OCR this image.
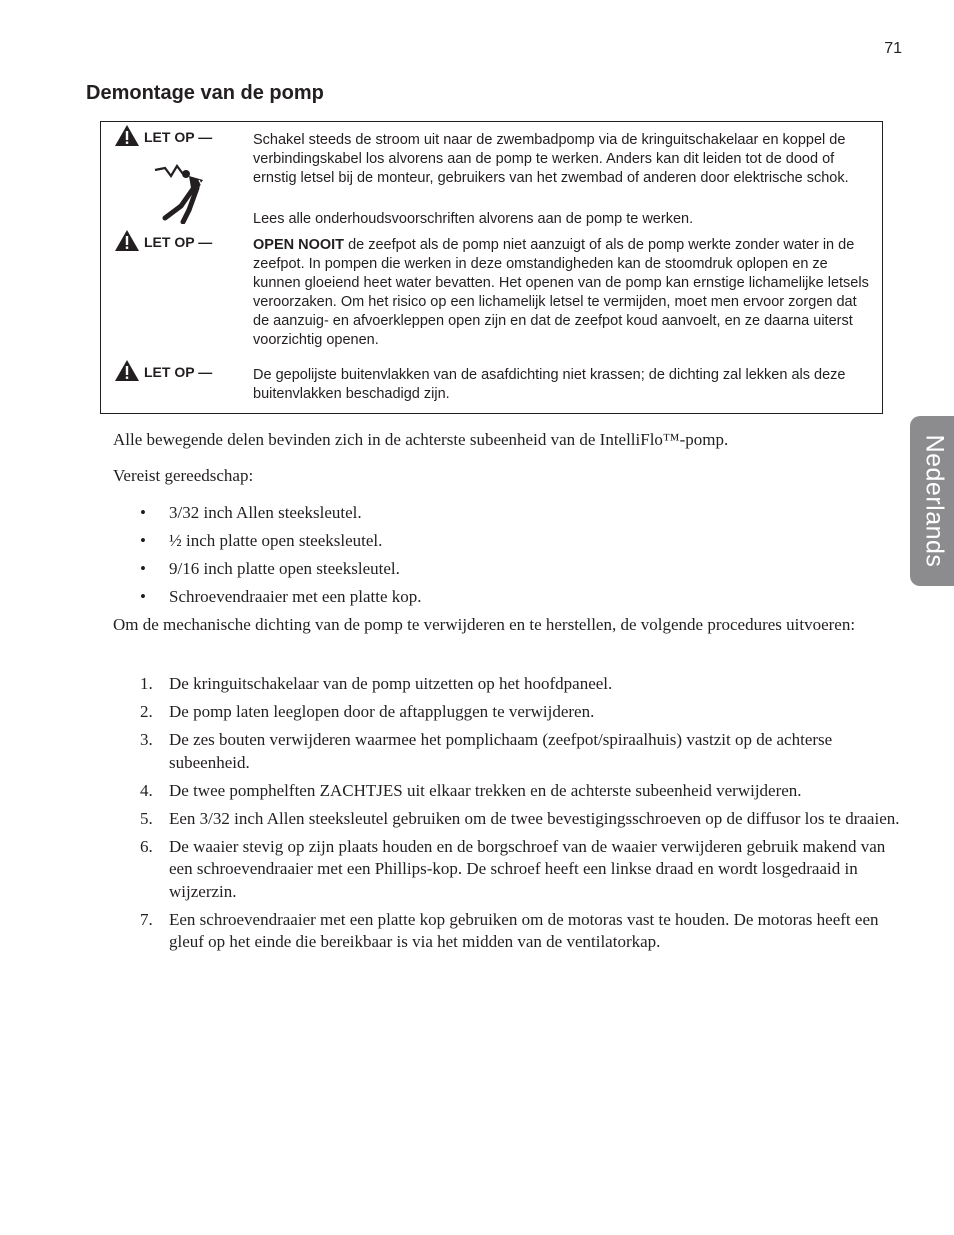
71
Demontage van de pomp
LET OP —	Schakel steeds de stroom uit naar de zwembadpomp via de kringuitschakelaar en koppel de verbindingskabel los alvorens aan de pomp te werken. Anders kan dit leiden tot de dood of ernstig letsel bij de monteur, gebruikers van het zwembad of anderen door elektrische schok.

Lees alle onderhoudsvoorschriften alvorens aan de pomp te werken.

LET OP —	OPEN NOOIT de zeefpot als de pomp niet aanzuigt of als de pomp werkte zonder water in de zeefpot. In pompen die werken in deze omstandigheden kan de stoomdruk oplopen en ze kunnen gloeiend heet water bevatten. Het openen van de pomp kan ernstige lichamelijke letsels veroorzaken. Om het risico op een lichamelijk letsel te vermijden, moet men ervoor zorgen dat de aanzuig- en afvoerkleppen open zijn en dat de zeefpot koud aanvoelt, en ze daarna uiterst voorzichtig openen.

LET OP —	De gepolijste buitenvlakken van de asafdichting niet krassen; de dichting zal lekken als deze buitenvlakken beschadigd zijn.

Alle bewegende delen bevinden zich in de achterste subeenheid van de IntelliFlo™-pomp.

Vereist gereedschap:

• 3/32 inch Allen steeksleutel.
• ½ inch platte open steeksleutel.
• 9/16 inch platte open steeksleutel.
• Schroevendraaier met een platte kop.

Om de mechanische dichting van de pomp te verwijderen en te herstellen, de volgende procedures uitvoeren:

1. De kringuitschakelaar van de pomp uitzetten op het hoofdpaneel.
2. De pomp laten leeglopen door de aftappluggen te verwijderen.
3. De zes bouten verwijderen waarmee het pomplichaam (zeefpot/spiraalhuis) vastzit op de achterse subeenheid.
4. De twee pomphelften ZACHTJES uit elkaar trekken en de achterste subeenheid verwijderen.
5. Een 3/32 inch Allen steeksleutel gebruiken om de twee bevestigingsschroeven op de diffusor los te draaien.
6. De waaier stevig op zijn plaats houden en de borgschroef van de waaier verwijderen gebruik makend van een schroevendraaier met een Phillips-kop. De schroef heeft een linkse draad en wordt losgedraaid in wijzerzin.
7. Een schroevendraaier met een platte kop gebruiken om de motoras vast te houden. De motoras heeft een gleuf op het einde die bereikbaar is via het midden van de ventilatorkap.
Nederlands
